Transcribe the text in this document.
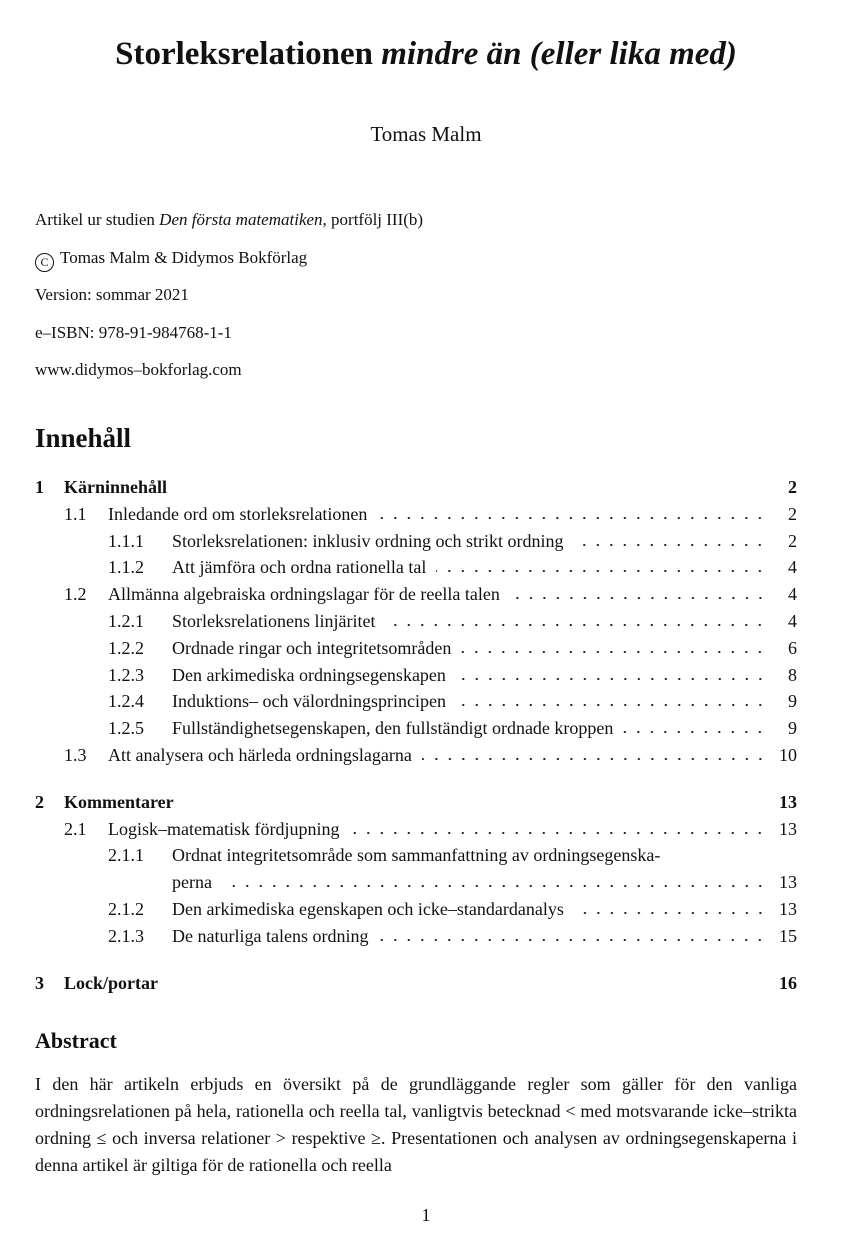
Storleksrelationen mindre än (eller lika med)
Tomas Malm
Artikel ur studien Den första matematiken, portfölj III(b)
C Tomas Malm & Didymos Bokförlag
Version: sommar 2021
e–ISBN: 978-91-984768-1-1
www.didymos–bokforlag.com
Innehåll
1	Kärninnehåll	2
1.1	Inledande ord om storleksrelationen	2
1.1.1	Storleksrelationen: inklusiv ordning och strikt ordning	2
1.1.2	Att jämföra och ordna rationella tal	4
1.2	Allmänna algebraiska ordningslagar för de reella talen	4
1.2.1	Storleksrelationens linjäritet	4
1.2.2	Ordnade ringar och integritetsområden	6
1.2.3	Den arkimediska ordningsegenskapen	8
1.2.4	Induktions– och välordningsprincipen	9
1.2.5	Fullständighetsegenskapen, den fullständigt ordnade kroppen	9
1.3	Att analysera och härleda ordningslagarna	10
2	Kommentarer	13
2.1	Logisk–matematisk fördjupning	13
2.1.1	Ordnat integritetsområde som sammanfattning av ordningsegenska-
perna	13
2.1.2	Den arkimediska egenskapen och icke–standardanalys	13
2.1.3	De naturliga talens ordning	15
3	Lock/portar	16
Abstract
I den här artikeln erbjuds en översikt på de grundläggande regler som gäller för den vanliga ordningsrelationen på hela, rationella och reella tal, vanligtvis betecknad < med motsvarande icke–strikta ordning ≤ och inversa relationer > respektive ≥. Presentationen och analysen av ordningsegenskaperna i denna artikel är giltiga för de rationella och reella
1
